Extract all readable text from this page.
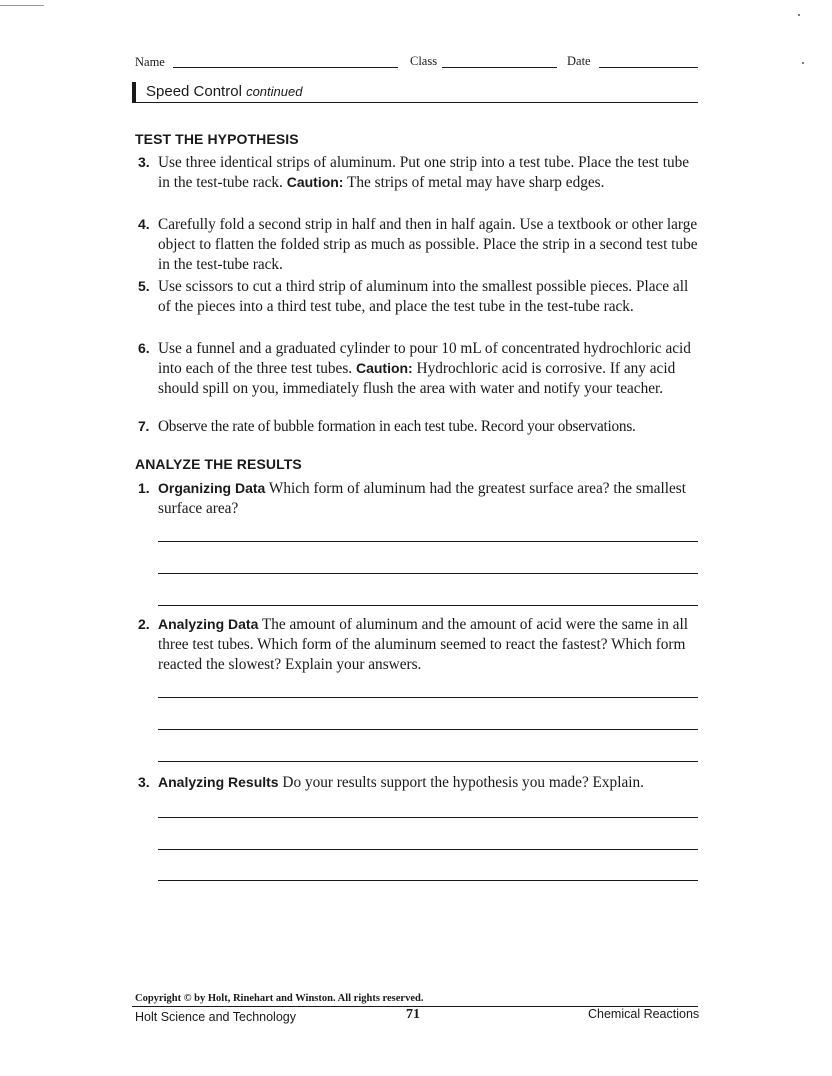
Name	Class	Date
Speed Control continued
TEST THE HYPOTHESIS
3. Use three identical strips of aluminum. Put one strip into a test tube. Place the test tube in the test-tube rack. Caution: The strips of metal may have sharp edges.
4. Carefully fold a second strip in half and then in half again. Use a textbook or other large object to flatten the folded strip as much as possible. Place the strip in a second test tube in the test-tube rack.
5. Use scissors to cut a third strip of aluminum into the smallest possible pieces. Place all of the pieces into a third test tube, and place the test tube in the test-tube rack.
6. Use a funnel and a graduated cylinder to pour 10 mL of concentrated hydrochloric acid into each of the three test tubes. Caution: Hydrochloric acid is corrosive. If any acid should spill on you, immediately flush the area with water and notify your teacher.
7. Observe the rate of bubble formation in each test tube. Record your observations.
ANALYZE THE RESULTS
1. Organizing Data Which form of aluminum had the greatest surface area? the smallest surface area?
2. Analyzing Data The amount of aluminum and the amount of acid were the same in all three test tubes. Which form of the aluminum seemed to react the fastest? Which form reacted the slowest? Explain your answers.
3. Analyzing Results Do your results support the hypothesis you made? Explain.
Copyright © by Holt, Rinehart and Winston. All rights reserved.
Holt Science and Technology	71	Chemical Reactions
